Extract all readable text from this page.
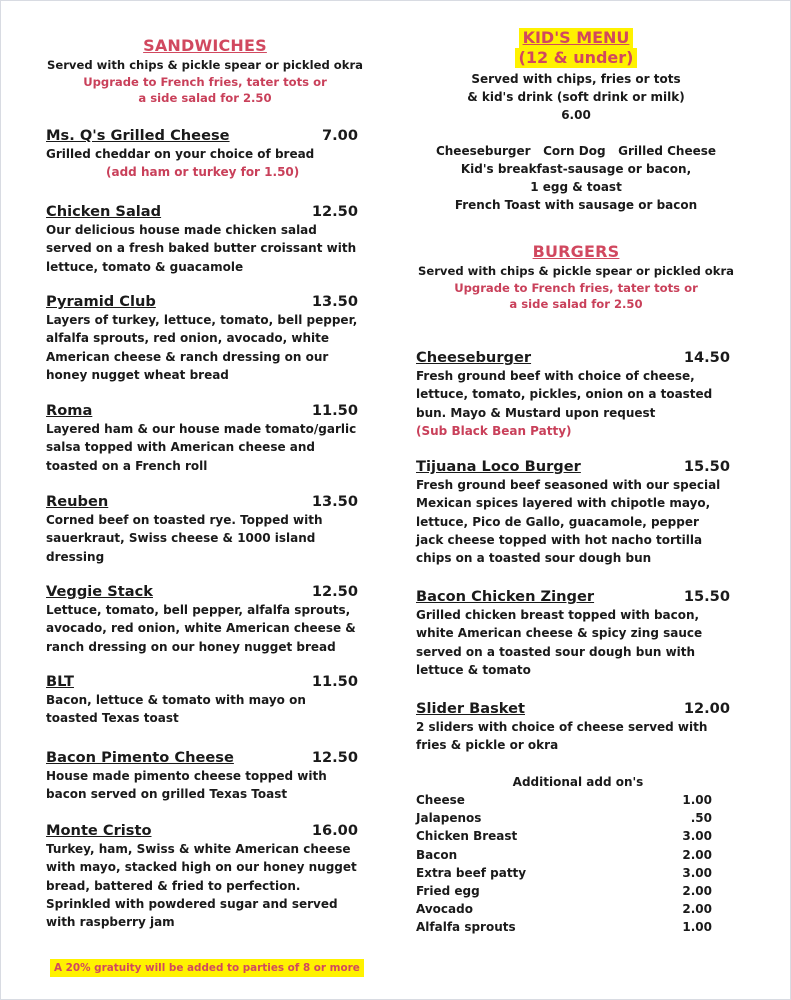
SANDWICHES
Served with chips & pickle spear or pickled okra
Upgrade to French fries, tater tots or
a side salad for 2.50
Ms. Q's Grilled Cheese	7.00
Grilled cheddar on your choice of bread
(add ham or turkey for 1.50)
Chicken Salad	12.50
Our delicious house made chicken salad
served on a fresh baked butter croissant with
lettuce, tomato & guacamole
Pyramid Club	13.50
Layers of turkey, lettuce, tomato, bell pepper,
alfalfa sprouts, red onion, avocado, white
American cheese & ranch dressing on our
honey nugget wheat bread
Roma	11.50
Layered ham & our house made tomato/garlic
salsa topped with American cheese and
toasted on a French roll
Reuben	13.50
Corned beef on toasted rye. Topped with
sauerkraut, Swiss cheese & 1000 island
dressing
Veggie Stack	12.50
Lettuce, tomato, bell pepper, alfalfa sprouts,
avocado, red onion, white American cheese &
ranch dressing on our honey nugget bread
BLT	11.50
Bacon, lettuce & tomato with mayo on
toasted Texas toast
Bacon Pimento Cheese	12.50
House made pimento cheese topped with
bacon served on grilled Texas Toast
Monte Cristo	16.00
Turkey, ham, Swiss & white American cheese
with mayo, stacked high on our honey nugget
bread, battered & fried to perfection.
Sprinkled with powdered sugar and served
with raspberry jam
KID'S MENU
(12 & under)
Served with chips, fries or tots
& kid's drink (soft drink or milk)
6.00
Cheeseburger   Corn Dog   Grilled Cheese
Kid's breakfast-sausage or bacon,
1 egg & toast
French Toast with sausage or bacon
BURGERS
Served with chips & pickle spear or pickled okra
Upgrade to French fries, tater tots or
a side salad for 2.50
Cheeseburger	14.50
Fresh ground beef with choice of cheese,
lettuce, tomato, pickles, onion on a toasted
bun. Mayo & Mustard upon request
(Sub Black Bean Patty)
Tijuana Loco Burger	15.50
Fresh ground beef seasoned with our special
Mexican spices layered with chipotle mayo,
lettuce, Pico de Gallo, guacamole, pepper
jack cheese topped with hot nacho tortilla
chips on a toasted sour dough bun
Bacon Chicken Zinger	15.50
Grilled chicken breast topped with bacon,
white American cheese & spicy zing sauce
served on a toasted sour dough bun with
lettuce & tomato
Slider Basket	12.00
2 sliders with choice of cheese served with
fries & pickle or okra
Additional add on's
Cheese	1.00
Jalapenos	.50
Chicken Breast	3.00
Bacon	2.00
Extra beef patty	3.00
Fried egg	2.00
Avocado	2.00
Alfalfa sprouts	1.00
A 20% gratuity will be added to parties of 8 or more
